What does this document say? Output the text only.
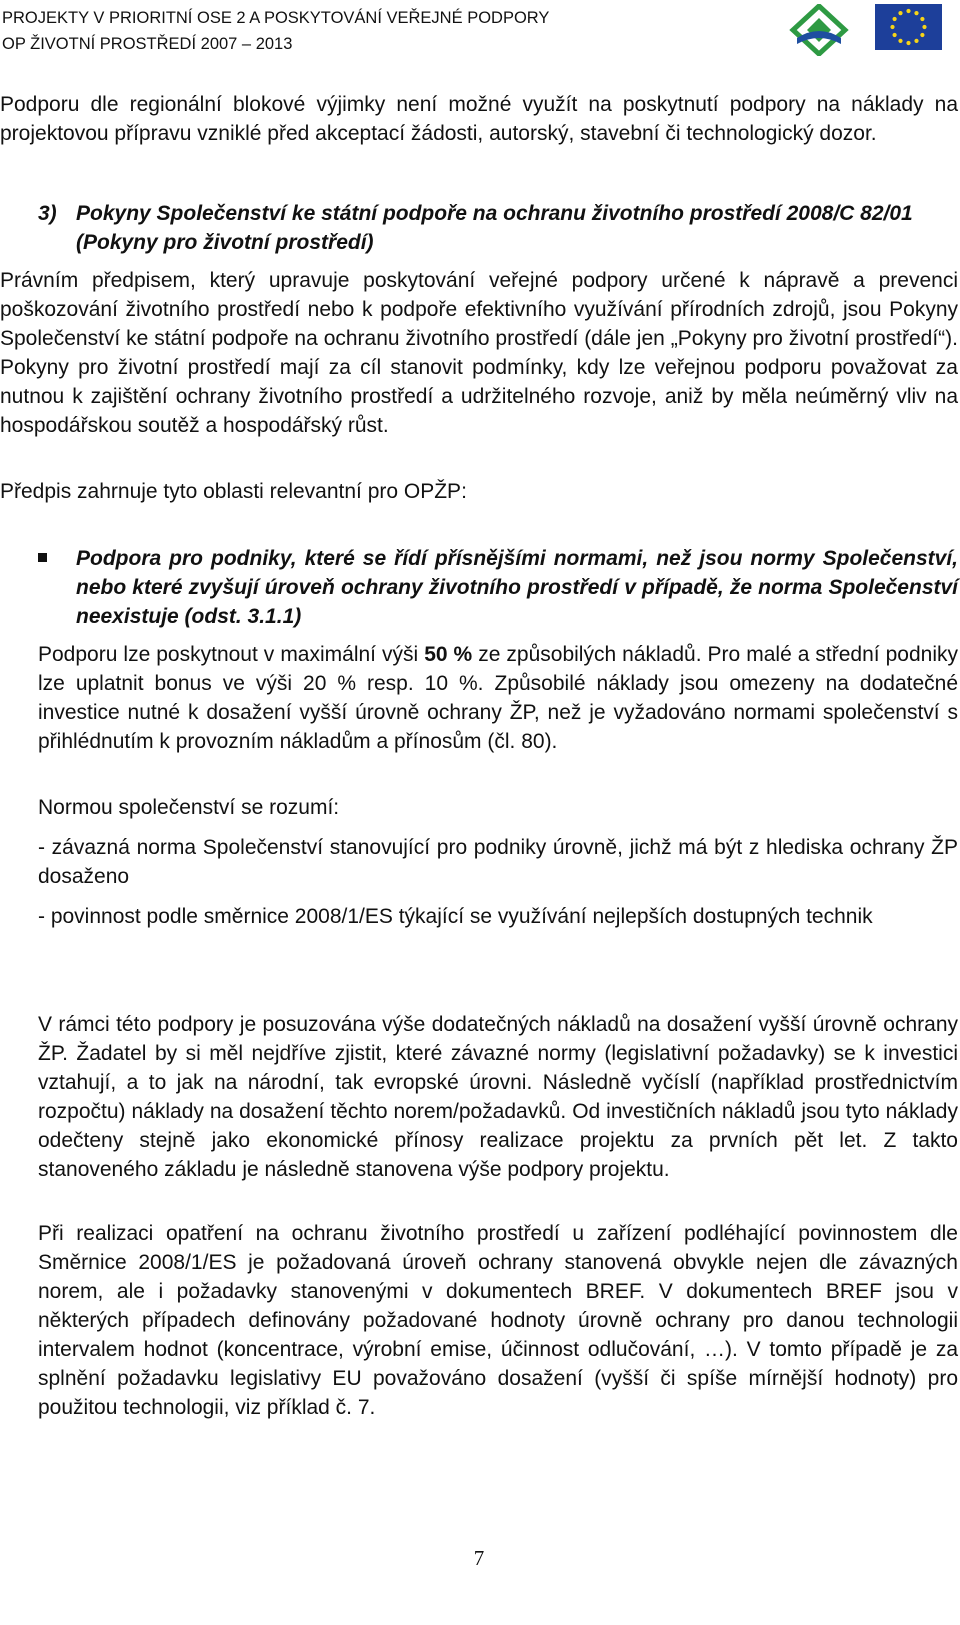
PROJEKTY V PRIORITNÍ OSE 2 A POSKYTOVÁNÍ VEŘEJNÉ PODPORY
OP ŽIVOTNÍ PROSTŘEDÍ 2007 – 2013

Podporu dle regionální blokové výjimky není možné využít na poskytnutí podpory na náklady na projektovou přípravu vzniklé před akceptací žádosti, autorský, stavební či technologický dozor.

3) Pokyny Společenství ke státní podpoře na ochranu životního prostředí 2008/C 82/01 (Pokyny pro životní prostředí)

Právním předpisem, který upravuje poskytování veřejné podpory určené k nápravě a prevenci poškozování životního prostředí nebo k podpoře efektivního využívání přírodních zdrojů, jsou Pokyny Společenství ke státní podpoře na ochranu životního prostředí (dále jen „Pokyny pro životní prostředí“). Pokyny pro životní prostředí mají za cíl stanovit podmínky, kdy lze veřejnou podporu považovat za nutnou k zajištění ochrany životního prostředí a udržitelného rozvoje, aniž by měla neúměrný vliv na hospodářskou soutěž a hospodářský růst.

Předpis zahrnuje tyto oblasti relevantní pro OPŽP:

Podpora pro podniky, které se řídí přísnějšími normami, než jsou normy Společenství, nebo které zvyšují úroveň ochrany životního prostředí v případě, že norma Společenství neexistuje (odst. 3.1.1)

Podporu lze poskytnout v maximální výši 50 % ze způsobilých nákladů. Pro malé a střední podniky lze uplatnit bonus ve výši 20 % resp. 10 %. Způsobilé náklady jsou omezeny na dodatečné investice nutné k dosažení vyšší úrovně ochrany ŽP, než je vyžadováno normami společenství s přihlédnutím k provozním nákladům a přínosům (čl. 80).

Normou společenství se rozumí:

- závazná norma Společenství stanovující pro podniky úrovně, jichž má být z hlediska ochrany ŽP dosaženo

- povinnost podle směrnice 2008/1/ES týkající se využívání nejlepších dostupných technik

V rámci této podpory je posuzována výše dodatečných nákladů na dosažení vyšší úrovně ochrany ŽP. Žadatel by si měl nejdříve zjistit, které závazné normy (legislativní požadavky) se k investici vztahují, a to jak na národní, tak evropské úrovni. Následně vyčíslí (například prostřednictvím rozpočtu) náklady na dosažení těchto norem/požadavků. Od investičních nákladů jsou tyto náklady odečteny stejně jako ekonomické přínosy realizace projektu za prvních pět let. Z takto stanoveného základu je následně stanovena výše podpory projektu.

Při realizaci opatření na ochranu životního prostředí u zařízení podléhající povinnostem dle Směrnice 2008/1/ES je požadovaná úroveň ochrany stanovená obvykle nejen dle závazných norem, ale i požadavky stanovenými v dokumentech BREF. V dokumentech BREF jsou v některých případech definovány požadované hodnoty úrovně ochrany pro danou technologii intervalem hodnot (koncentrace, výrobní emise, účinnost odlučování, …). V tomto případě je za splnění požadavku legislativy EU považováno dosažení (vyšší či spíše mírnější hodnoty) pro použitou technologii, viz příklad č. 7.

7
